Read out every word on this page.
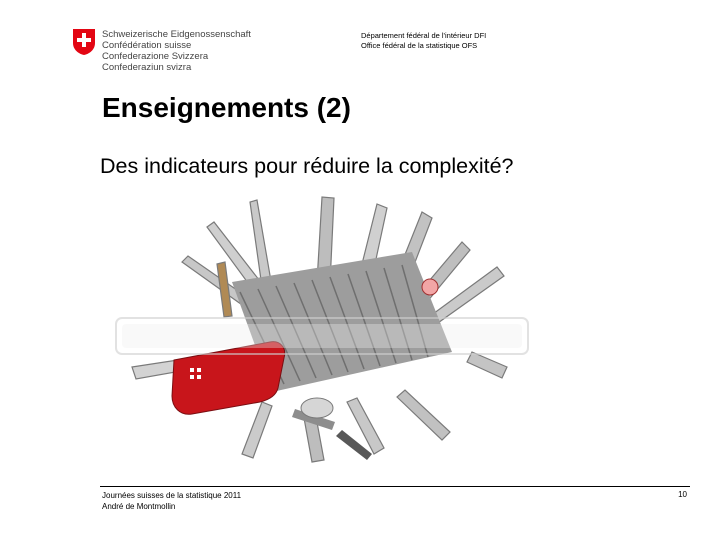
Schweizerische Eidgenossenschaft
Confédération suisse
Confederazione Svizzera
Confederaziun svizra
Département fédéral de l'intérieur DFI
Office fédéral de la statistique OFS
Enseignements (2)

Des indicateurs pour réduire la complexité?

Journées suisses de la statistique 2011
André de Montmollin
10
